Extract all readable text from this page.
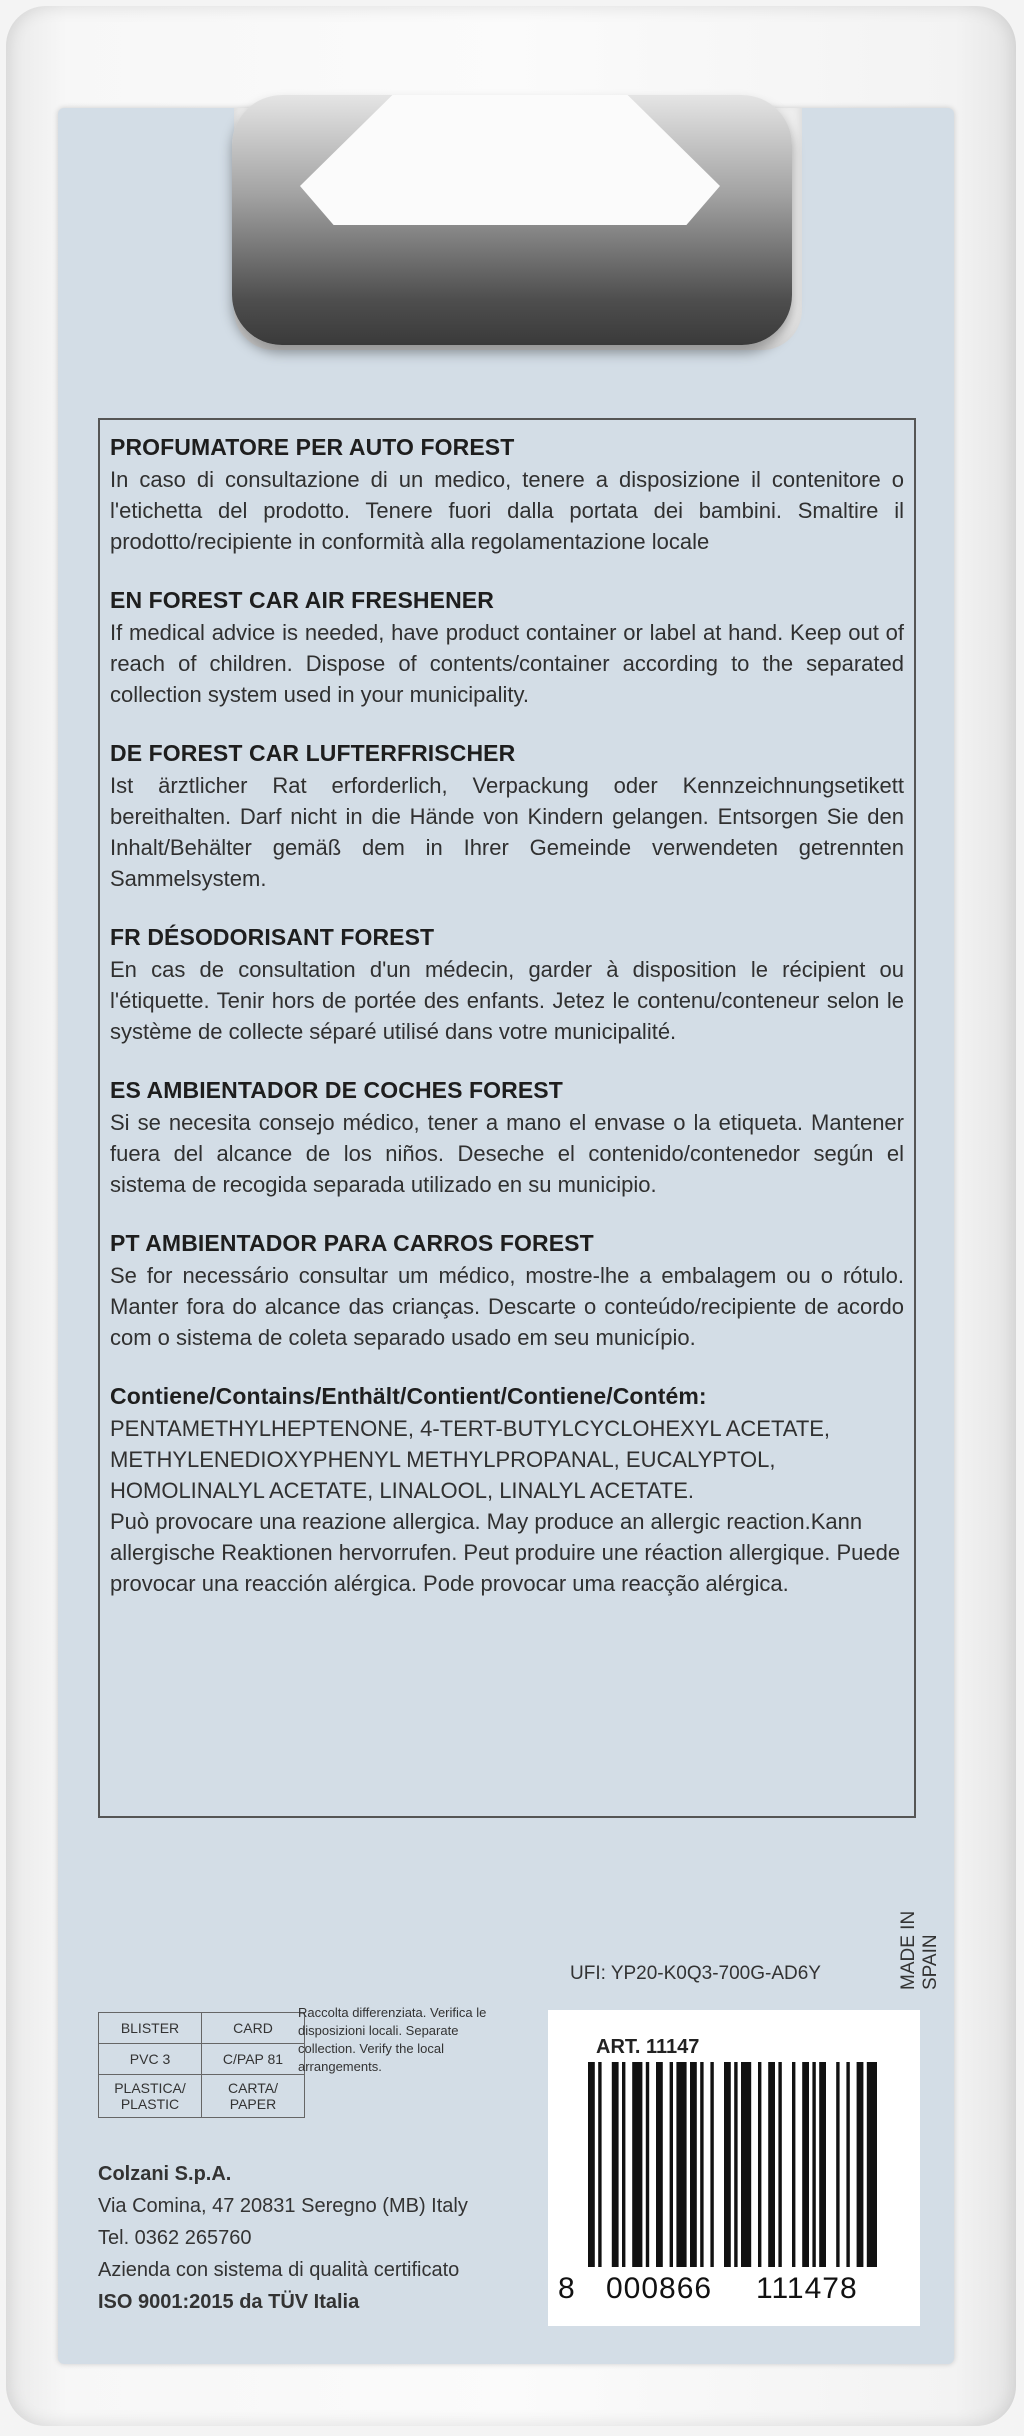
PROFUMATORE PER AUTO FOREST

In caso di consultazione di un medico, tenere a disposizione il contenitore o l'etichetta del prodotto. Tenere fuori dalla portata dei bambini. Smaltire il prodotto/recipiente in conformità alla regolamentazione locale

EN FOREST CAR AIR FRESHENER

If medical advice is needed, have product container or label at hand. Keep out of reach of children. Dispose of contents/container according to the separated collection system used in your municipality.

DE FOREST CAR LUFTERFRISCHER

Ist ärztlicher Rat erforderlich, Verpackung oder Kennzeichnungsetikett bereithalten. Darf nicht in die Hände von Kindern gelangen. Entsorgen Sie den Inhalt/Behälter gemäß dem in Ihrer Gemeinde verwendeten getrennten Sammelsystem.

FR DÉSODORISANT FOREST

En cas de consultation d'un médecin, garder à disposition le récipient ou l'étiquette. Tenir hors de portée des enfants. Jetez le contenu/conteneur selon le système de collecte séparé utilisé dans votre municipalité.

ES AMBIENTADOR DE COCHES FOREST

Si se necesita consejo médico, tener a mano el envase o la etiqueta. Mantener fuera del alcance de los niños. Deseche el contenido/contenedor según el sistema de recogida separada utilizado en su municipio.

PT AMBIENTADOR PARA CARROS FOREST

Se for necessário consultar um médico, mostre-lhe a embalagem ou o rótulo. Manter fora do alcance das crianças. Descarte o conteúdo/recipiente de acordo com o sistema de coleta separado usado em seu município.

Contiene/Contains/Enthält/Contient/Contiene/Contém:

PENTAMETHYLHEPTENONE, 4-TERT-BUTYLCYCLOHEXYL ACETATE, METHYLENEDIOXYPHENYL METHYLPROPANAL, EUCALYPTOL, HOMOLINALYL ACETATE, LINALOOL, LINALYL ACETATE.

Può provocare una reazione allergica. May produce an allergic reaction.Kann allergische Reaktionen hervorrufen. Peut produire une réaction allergique. Puede provocar una reacción alérgica. Pode provocar uma reacção alérgica.

MADE IN SPAIN
UFI: YP20-K0Q3-700G-AD6Y
BLISTER	CARD
PVC 3	C/PAP 81
PLASTICA/ PLASTIC	CARTA/ PAPER
Raccolta differenziata. Verifica le disposizioni locali. Separate collection. Verify the local arrangements.
Colzani S.p.A.
Via Comina, 47 20831 Seregno (MB) Italy
Tel. 0362 265760
Azienda con sistema di qualità certificato
ISO 9001:2015 da TÜV Italia
ART. 11147
8 000866 111478
